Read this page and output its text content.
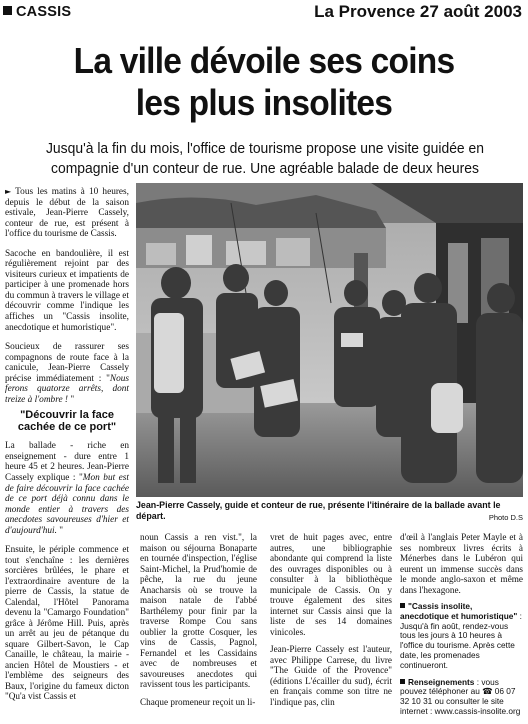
CASSIS	La Provence 27 août 2003
La ville dévoile ses coins
les plus insolites
Jusqu'à la fin du mois, l'office de tourisme propose une visite guidée en
compagnie d'un conteur de rue. Une agréable balade de deux heures

► Tous les matins à 10 heures, depuis le début de la saison estivale, Jean-Pierre Cassely, conteur de rue, est présent à l'office du tourisme de Cassis.

Sacoche en bandoulière, il est régulièrement rejoint par des visiteurs curieux et impatients de participer à une promenade hors du commun à travers le village et découvrir comme l'indique les affiches un "Cassis insolite, anecdotique et humoristique".

Soucieux de rassurer ses compagnons de route face à la canicule, Jean-Pierre Cassely précise immédiatement : "Nous ferons quatorze arrêts, dont treize à l'ombre ! "

"Découvrir la face cachée de ce port"

La ballade - riche en enseignement - dure entre 1 heure 45 et 2 heures. Jean-Pierre Cassely explique : "Mon but est de faire découvrir la face cachée de ce port déjà connu dans le monde entier à travers des anecdotes savoureuses d'hier et d'aujourd'hui. "

Jean-Pierre Cassely, guide et conteur de rue, présente l'itinéraire de la ballade avant le départ.	Photo D.S

Ensuite, le périple commence et tout s'enchaîne : les dernières sorcières brûlées, le phare et l'extraordinaire aventure de la pierre de Cassis, la statue de Calendal, l'Hôtel Panorama devenu la "Camargo Foundation" grâce à Jérôme Hill. Puis, après un arrêt au jeu de pétanque du square Gilbert-Savon, le Cap Canaille, le château, la mairie - ancien Hôtel de Moustiers - et l'emblème des seigneurs des Baux, l'origine du fameux dicton "Qu'a vist Cassis et

noun Cassis a ren vist.", la maison ou séjourna Bonaparte en tournée d'inspection, l'église Saint-Michel, la Prud'homie de pêche, la rue du jeune Anacharsis où se trouve la maison natale de l'abbé Barthélemy pour finir par la traverse Rompe Cou sans oublier la grotte Cosquer, les vins de Cassis, Pagnol, Fernandel et les Cassidains avec de nombreuses et savoureuses anecdotes qui ravissent tous les participants.

Chaque promeneur reçoit un li-

vret de huit pages avec, entre autres, une bibliographie abondante qui comprend la liste des ouvrages disponibles ou à consulter à la bibliothèque municipale de Cassis. On y trouve également des sites internet sur Cassis ainsi que la liste de ses 14 domaines vinicoles.

Jean-Pierre Cassely est l'auteur, avec Philippe Carrese, du livre "The Guide of the Provence" (éditions L'écailler du sud), écrit en français comme son titre ne l'indique pas, clin

d'œil à l'anglais Peter Mayle et à ses nombreux livres écrits à Ménerbes dans le Lubéron qui eurent un immense succès dans le monde anglo-saxon et même dans l'hexagone.

"Cassis insolite, anecdotique et humoristique" : Jusqu'à fin août, rendez-vous tous les jours à 10 heures à l'office du tourisme. Après cette date, les promenades continueront.

Renseignements : vous pouvez téléphoner au ☎ 06 07 32 10 31 ou consulter le site internet : www.cassis-insolite.org
